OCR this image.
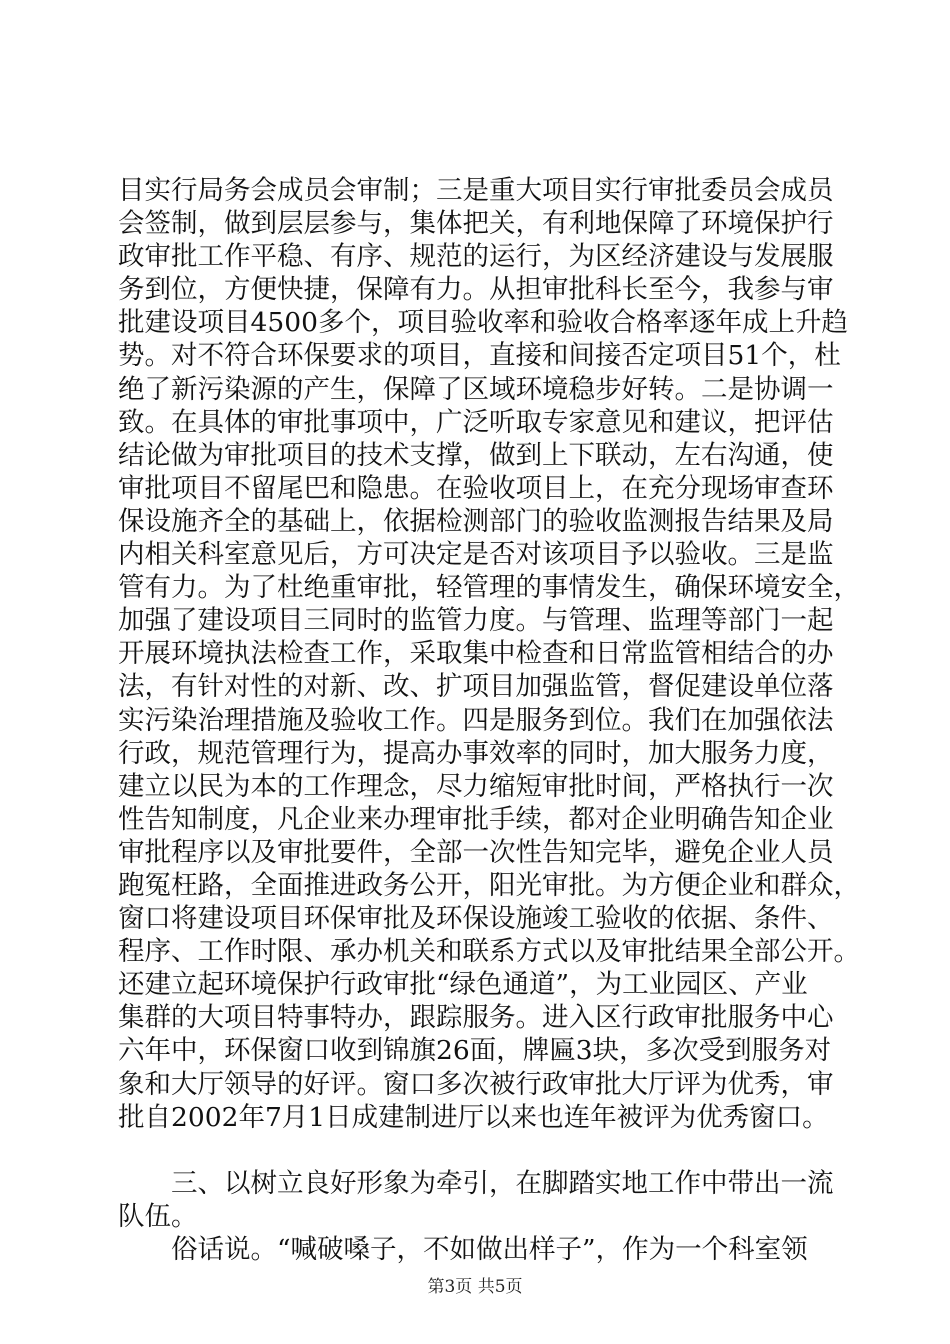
目实行局务会成员会审制；三是重大项目实行审批委员会成员
会签制，做到层层参与，集体把关，有利地保障了环境保护行
政审批工作平稳、有序、规范的运行，为区经济建设与发展服
务到位，方便快捷，保障有力。从担审批科长至今，我参与审
批建设项目4500多个，项目验收率和验收合格率逐年成上升趋
势。对不符合环保要求的项目，直接和间接否定项目51个，杜
绝了新污染源的产生，保障了区域环境稳步好转。二是协调一
致。在具体的审批事项中，广泛听取专家意见和建议，把评估
结论做为审批项目的技术支撑，做到上下联动，左右沟通，使
审批项目不留尾巴和隐患。在验收项目上，在充分现场审查环
保设施齐全的基础上，依据检测部门的验收监测报告结果及局
内相关科室意见后，方可决定是否对该项目予以验收。三是监
管有力。为了杜绝重审批，轻管理的事情发生，确保环境安全，
加强了建设项目三同时的监管力度。与管理、监理等部门一起
开展环境执法检查工作，采取集中检查和日常监管相结合的办
法，有针对性的对新、改、扩项目加强监管，督促建设单位落
实污染治理措施及验收工作。四是服务到位。我们在加强依法
行政，规范管理行为，提高办事效率的同时，加大服务力度，
建立以民为本的工作理念，尽力缩短审批时间，严格执行一次
性告知制度，凡企业来办理审批手续，都对企业明确告知企业
审批程序以及审批要件，全部一次性告知完毕，避免企业人员
跑冤枉路，全面推进政务公开，阳光审批。为方便企业和群众，
窗口将建设项目环保审批及环保设施竣工验收的依据、条件、
程序、工作时限、承办机关和联系方式以及审批结果全部公开。
还建立起环境保护行政审批“绿色通道”，为工业园区、产业
集群的大项目特事特办，跟踪服务。进入区行政审批服务中心
六年中，环保窗口收到锦旗26面，牌匾3块，多次受到服务对
象和大厅领导的好评。窗口多次被行政审批大厅评为优秀，审
批自2002年7月1日成建制进厅以来也连年被评为优秀窗口。
三、以树立良好形象为牵引，在脚踏实地工作中带出一流
队伍。
俗话说。“喊破嗓子，不如做出样子”，作为一个科室领
第3页 共5页
